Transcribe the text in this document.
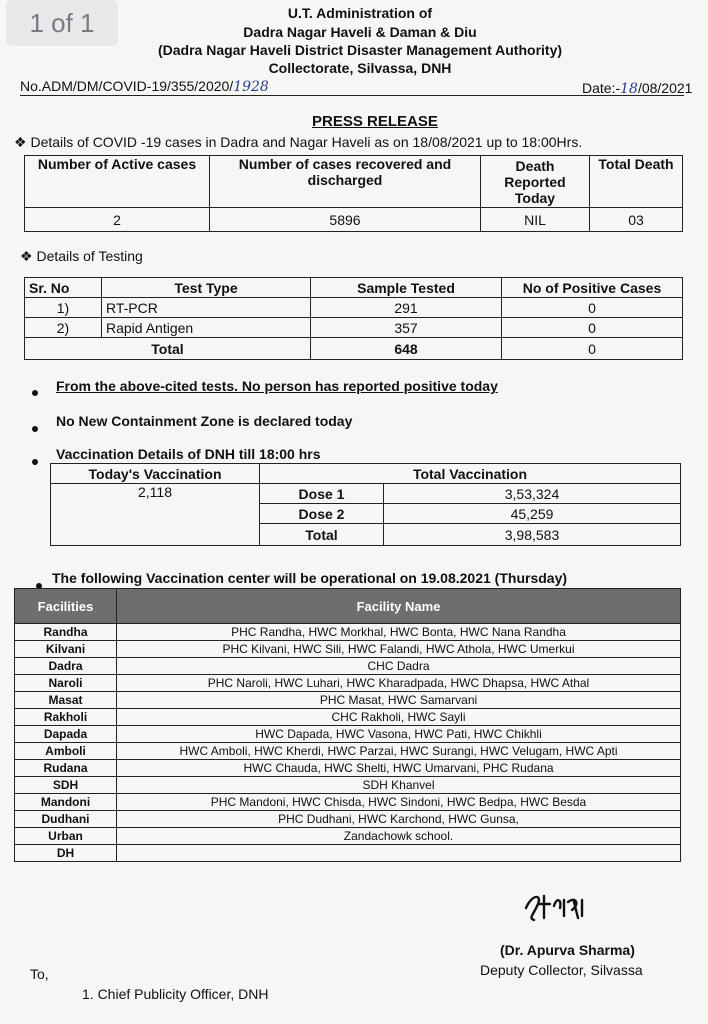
1 of 1	U.T. Administration of
Dadra Nagar Haveli & Daman & Diu
(Dadra Nagar Haveli District Disaster Management Authority)
Collectorate, Silvassa, DNH
No.ADM/DM/COVID-19/355/2020/1928	Date:-18/08/2021
PRESS RELEASE
❖ Details of COVID -19 cases in Dadra and Nagar Haveli as on 18/08/2021 up to 18:00Hrs.
Number of Active cases	Number of cases recovered and discharged	Death Reported Today	Total Death
2	5896	NIL	03
❖ Details of Testing
Sr. No	Test Type	Sample Tested	No of Positive Cases
1)	RT-PCR	291	0
2)	Rapid Antigen	357	0
Total		648	0
From the above-cited tests. No person has reported positive today
No New Containment Zone is declared today
Vaccination Details of DNH till 18:00 hrs
Today's Vaccination	Total Vaccination	
2,118	Dose 1	3,53,324
	Dose 2	45,259
	Total	3,98,583
The following Vaccination center will be operational on 19.08.2021 (Thursday)
Facilities	Facility Name
Randha	PHC Randha, HWC Morkhal, HWC Bonta, HWC Nana Randha
Kilvani	PHC Kilvani, HWC Sili, HWC Falandi, HWC Athola, HWC Umerkui
Dadra	CHC Dadra
Naroli	PHC Naroli, HWC Luhari, HWC Kharadpada, HWC Dhapsa, HWC Athal
Masat	PHC Masat, HWC Samarvani
Rakholi	CHC Rakholi, HWC Sayli
Dapada	HWC Dapada, HWC Vasona, HWC Pati, HWC Chikhli
Amboli	HWC Amboli, HWC Kherdi, HWC Parzai, HWC Surangi, HWC Velugam, HWC Apti
Rudana	HWC Chauda, HWC Shelti, HWC Umarvani, PHC Rudana
SDH	SDH Khanvel
Mandoni	PHC Mandoni, HWC Chisda, HWC Sindoni, HWC Bedpa, HWC Besda
Dudhani	PHC Dudhani, HWC Karchond, HWC Gunsa,
Urban	Zandachowk school.
DH	
(Dr. Apurva Sharma)
Deputy Collector, Silvassa
To,
1. Chief Publicity Officer, DNH
